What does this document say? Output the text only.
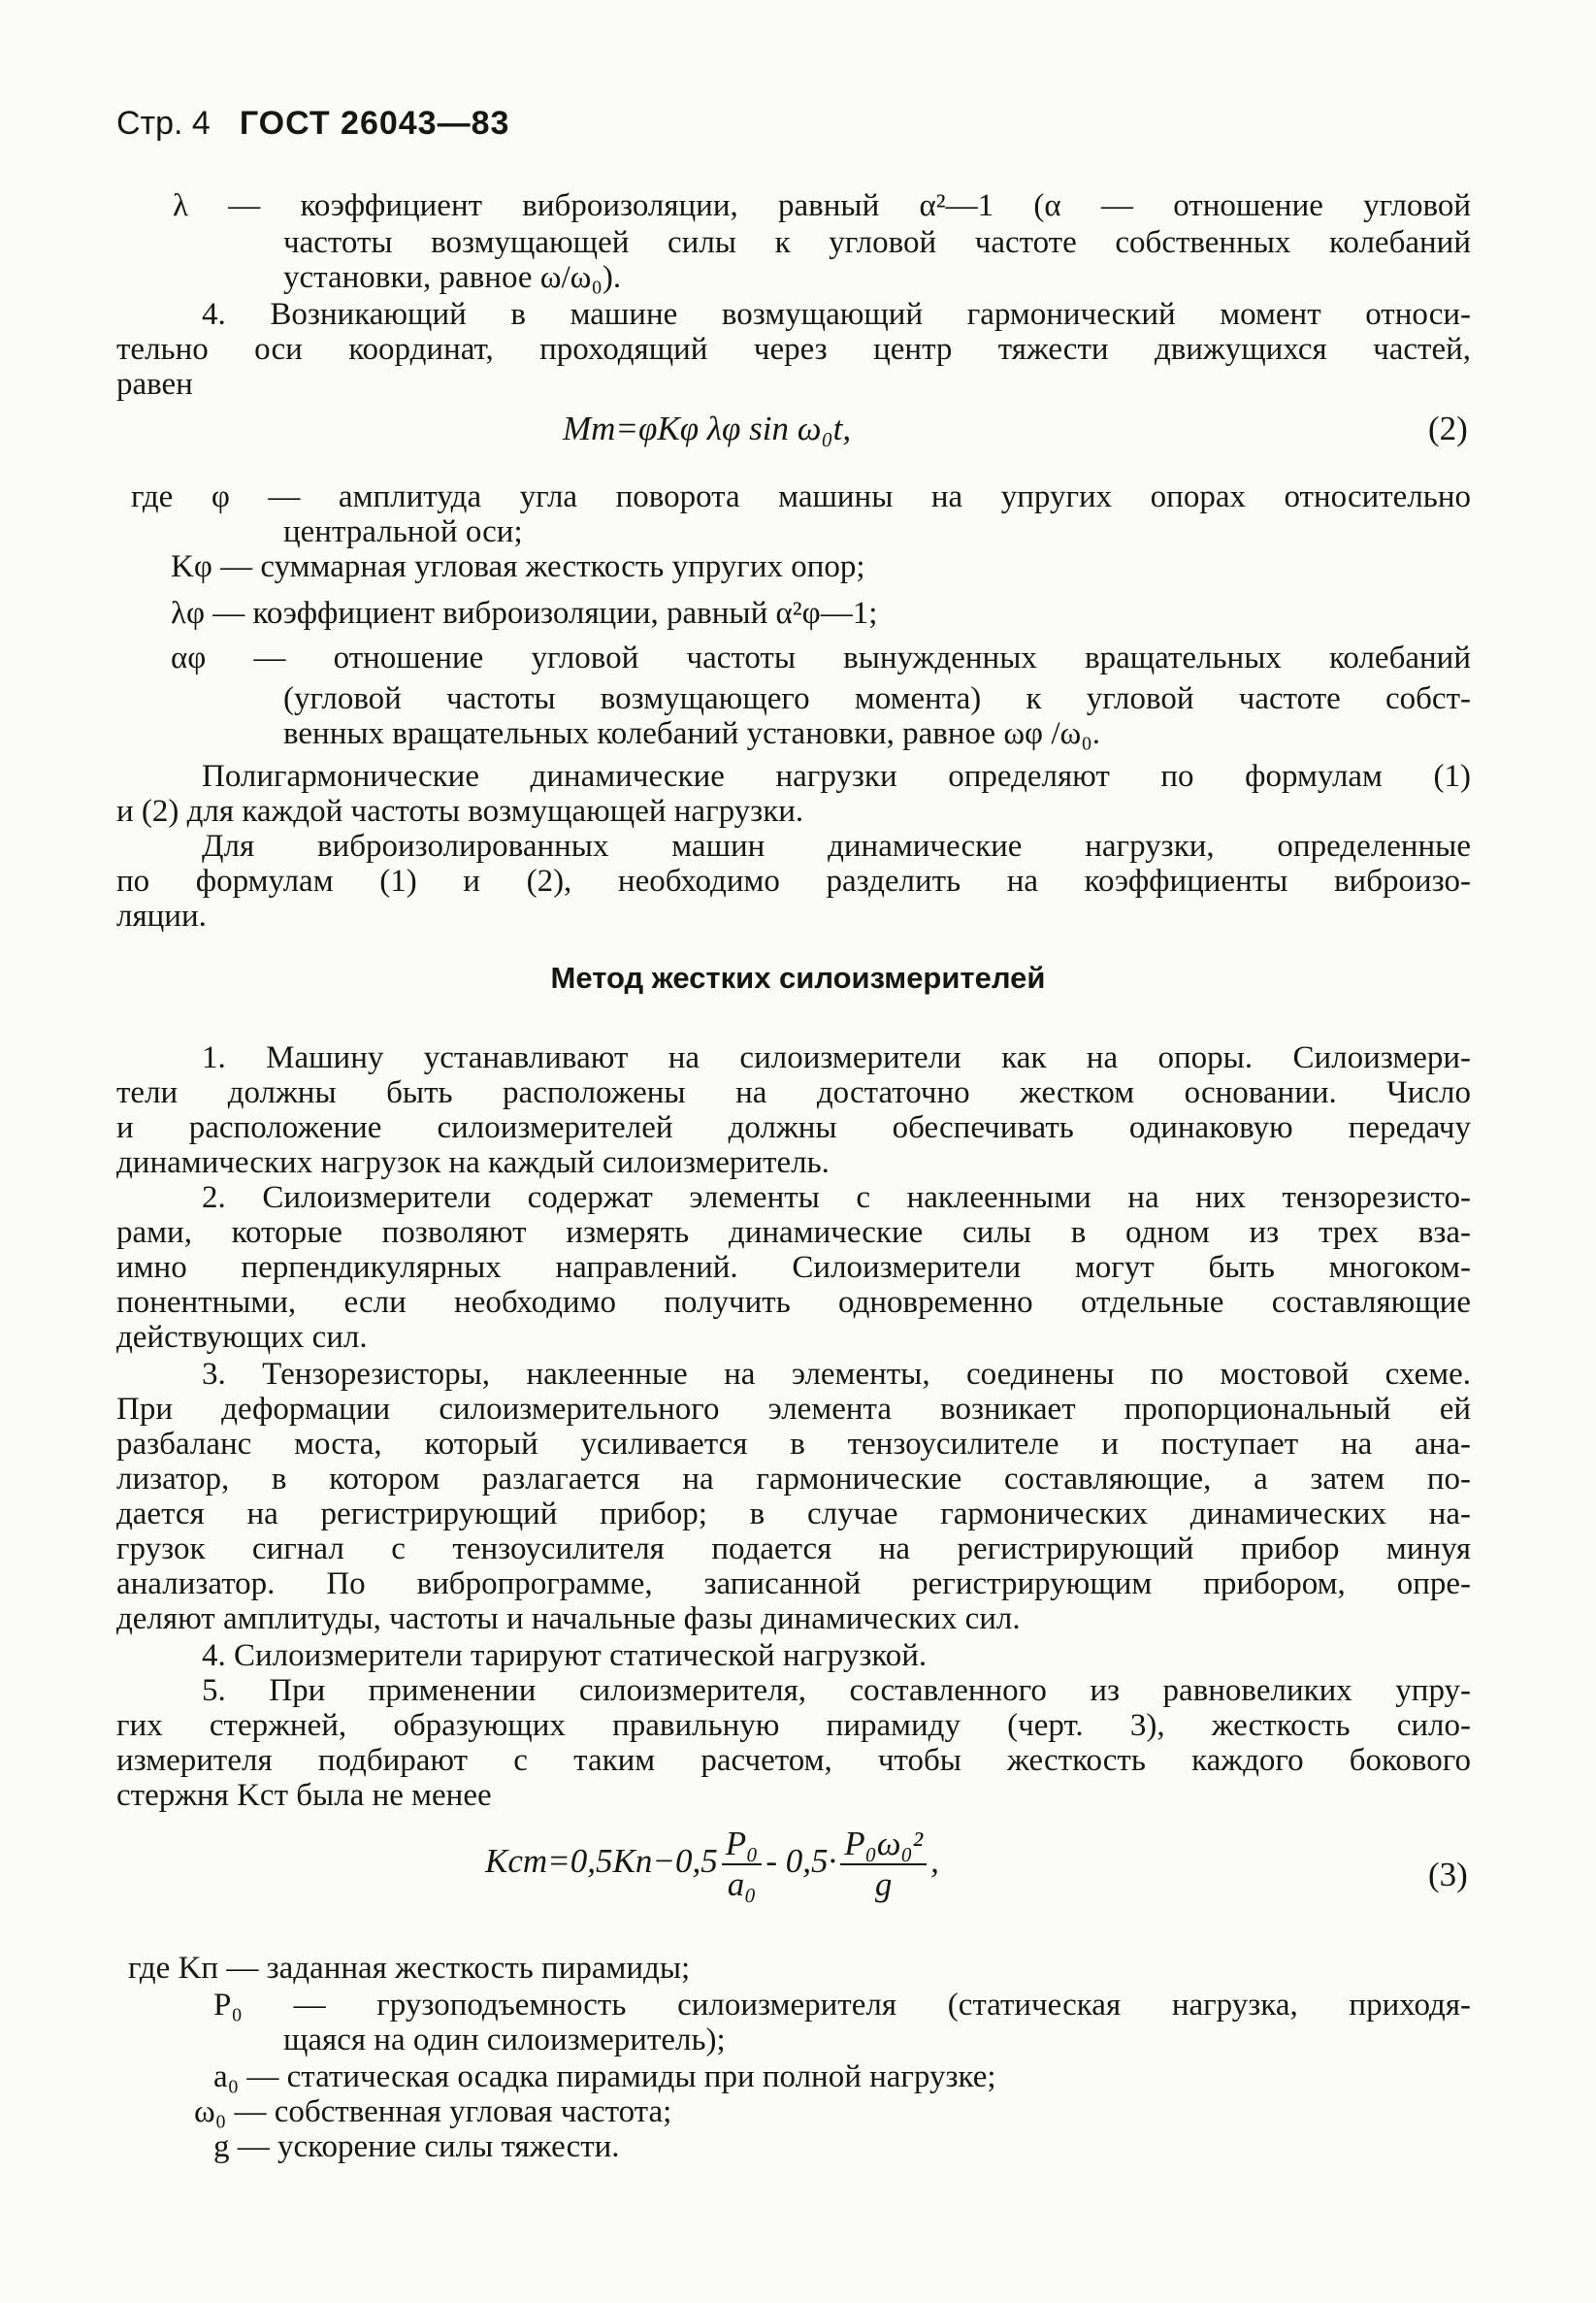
Стр. 4 ГОСТ 26043—83
λ — коэффициент виброизоляции, равный α²—1 (α — отношение угловой
частоты возмущающей силы к угловой частоте собственных колебаний
установки, равное ω/ω₀).
4. Возникающий в машине возмущающий гармонический момент относи-
тельно оси координат, проходящий через центр тяжести движущихся частей,
равен
Mm=φKφ λφ sin ω₀t,	(2)
где φ — амплитуда угла поворота машины на упругих опорах относительно
центральной оси;
Kφ — суммарная угловая жесткость упругих опор;
λφ — коэффициент виброизоляции, равный α²φ—1;
αφ — отношение угловой частоты вынужденных вращательных колебаний
(угловой частоты возмущающего момента) к угловой частоте собст-
венных вращательных колебаний установки, равное ωφ /ω₀.
Полигармонические динамические нагрузки определяют по формулам (1)
и (2) для каждой частоты возмущающей нагрузки.
Для виброизолированных машин динамические нагрузки, определенные
по формулам (1) и (2), необходимо разделить на коэффициенты виброизо-
ляции.
Метод жестких силоизмерителей
1. Машину устанавливают на силоизмерители как на опоры. Силоизмери-
тели должны быть расположены на достаточно жестком основании. Число
и расположение силоизмерителей должны обеспечивать одинаковую передачу
динамических нагрузок на каждый силоизмеритель.
2. Силоизмерители содержат элементы с наклеенными на них тензорезисто-
рами, которые позволяют измерять динамические силы в одном из трех вза-
имно перпендикулярных направлений. Силоизмерители могут быть многоком-
понентными, если необходимо получить одновременно отдельные составляющие
действующих сил.
3. Тензорезисторы, наклеенные на элементы, соединены по мостовой схеме.
При деформации силоизмерительного элемента возникает пропорциональный ей
разбаланс моста, который усиливается в тензоусилителе и поступает на ана-
лизатор, в котором разлагается на гармонические составляющие, а затем по-
дается на регистрирующий прибор; в случае гармонических динамических на-
грузок сигнал с тензоусилителя подается на регистрирующий прибор минуя
анализатор. По вибропрограмме, записанной регистрирующим прибором, опре-
деляют амплитуды, частоты и начальные фазы динамических сил.
4. Силоизмерители тарируют статической нагрузкой.
5. При применении силоизмерителя, составленного из равновеликих упру-
гих стержней, образующих правильную пирамиду (черт. 3), жесткость сило-
измерителя подбирают с таким расчетом, чтобы жесткость каждого бокового
стержня Kст была не менее
$Kст=0,5Kп-0,5 \frac{\text{P₀}}{\text{a₀}} - 0,5\cdot \frac{\text{P₀ω₀²}}{g}$ ,	(3)
где Kп — заданная жесткость пирамиды;
P₀ — грузоподъемность силоизмерителя (статическая нагрузка, приходя-
щаяся на один силоизмеритель);
a₀ — статическая осадка пирамиды при полной нагрузке;
ω₀ — собственная угловая частота;
g — ускорение силы тяжести.
